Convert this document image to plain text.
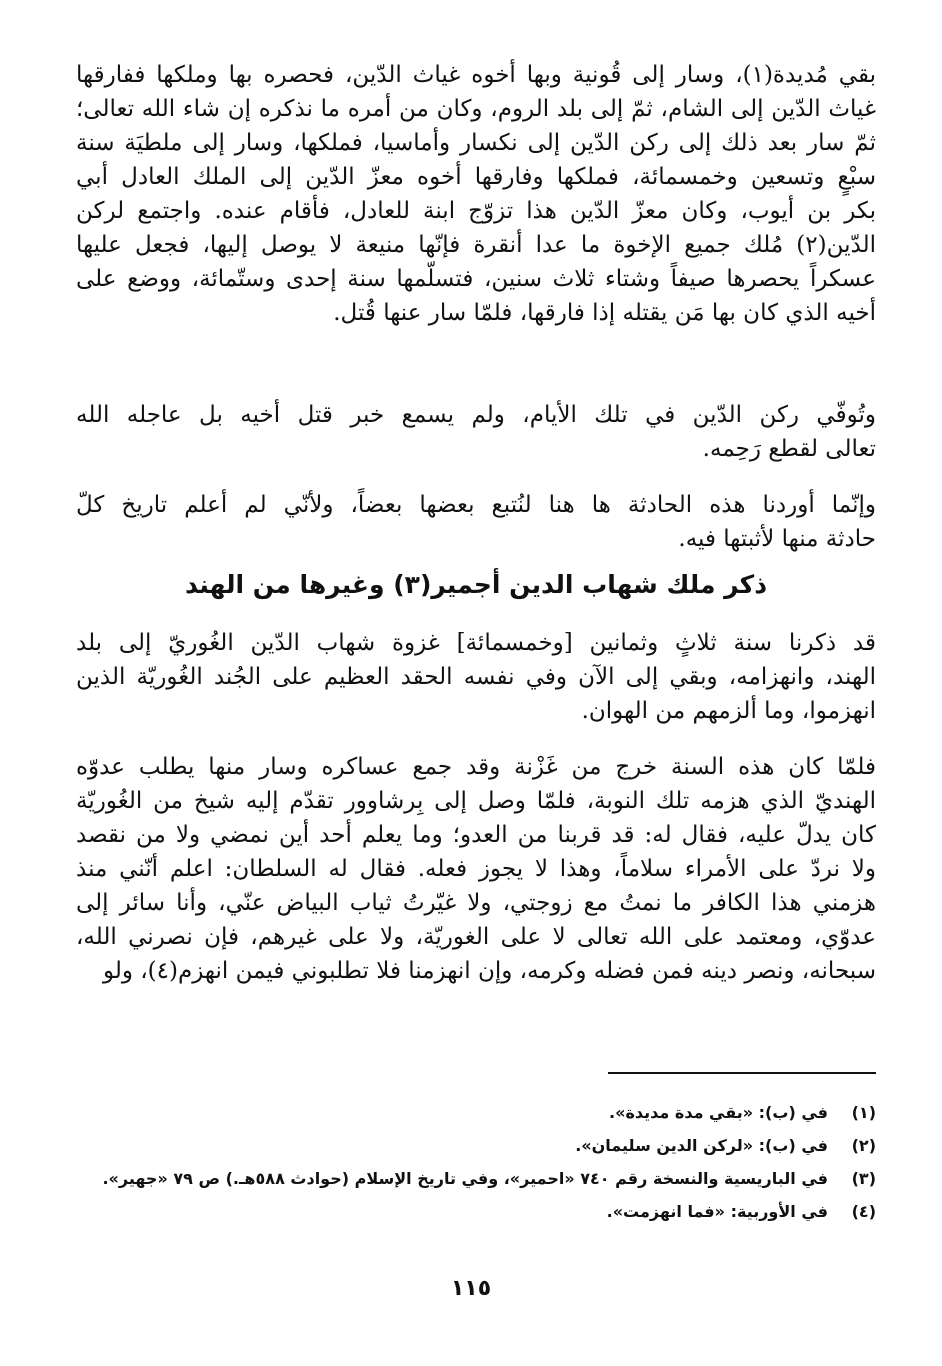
بقي مُديدة(١)، وسار إلى قُونية وبها أخوه غياث الدّين، فحصره بها وملكها ففارقها
غياث الدّين إلى الشام، ثمّ إلى بلد الروم، وكان من أمره ما نذكره إن شاء الله تعالى؛
ثمّ سار بعد ذلك إلى ركن الدّين إلى نكسار وأماسيا، فملكها، وسار إلى ملطيَة سنة
سبْعٍ وتسعين وخمسمائة، فملكها وفارقها أخوه معزّ الدّين إلى الملك العادل أبي
بكر بن أيوب، وكان معزّ الدّين هذا تزوّج ابنة للعادل، فأقام عنده. واجتمع لركن
الدّين(٢) مُلك جميع الإخوة ما عدا أنقرة فإنّها منيعة لا يوصل إليها، فجعل عليها
عسكراً يحصرها صيفاً وشتاء ثلاث سنين، فتسلّمها سنة إحدى وستّمائة، ووضع على
أخيه الذي كان بها مَن يقتله إذا فارقها، فلمّا سار عنها قُتل.
وتُوفّي ركن الدّين في تلك الأيام، ولم يسمع خبر قتل أخيه بل عاجله الله
تعالى لقطع رَحِمه.
وإنّما أوردنا هذه الحادثة ها هنا لنُتبع بعضها بعضاً، ولأنّي لم أعلم تاريخ كلّ
حادثة منها لأثبتها فيه.
ذكر ملك شهاب الدين أجمير(٣) وغيرها من الهند
قد ذكرنا سنة ثلاثٍ وثمانين [وخمسمائة] غزوة شهاب الدّين الغُوريّ إلى بلد
الهند، وانهزامه، وبقي إلى الآن وفي نفسه الحقد العظيم على الجُند الغُوريّة الذين
انهزموا، وما ألزمهم من الهوان.
فلمّا كان هذه السنة خرج من غَزْنة وقد جمع عساكره وسار منها يطلب عدوّه
الهنديّ الذي هزمه تلك النوبة، فلمّا وصل إلى بِرشاوور تقدّم إليه شيخ من الغُوريّة
كان يدلّ عليه، فقال له: قد قربنا من العدو؛ وما يعلم أحد أين نمضي ولا من نقصد
ولا نردّ على الأمراء سلاماً، وهذا لا يجوز فعله. فقال له السلطان: اعلم أنّني منذ
هزمني هذا الكافر ما نمتُ مع زوجتي، ولا غيّرتُ ثياب البياض عنّي، وأنا سائر إلى
عدوّي، ومعتمد على الله تعالى لا على الغوريّة، ولا على غيرهم، فإن نصرني الله،
سبحانه، ونصر دينه فمن فضله وكرمه، وإن انهزمنا فلا تطلبوني فيمن انهزم(٤)، ولو
(١)في (ب): «بقي مدة مديدة».
(٢)في (ب): «لركن الدين سليمان».
(٣)في الباريسية والنسخة رقم ٧٤٠ «احمير»، وفي تاريخ الإسلام (حوادث ٥٨٨هـ.) ص ٧٩ «جهير».
(٤)في الأوربية: «فما انهزمت».
١١٥
